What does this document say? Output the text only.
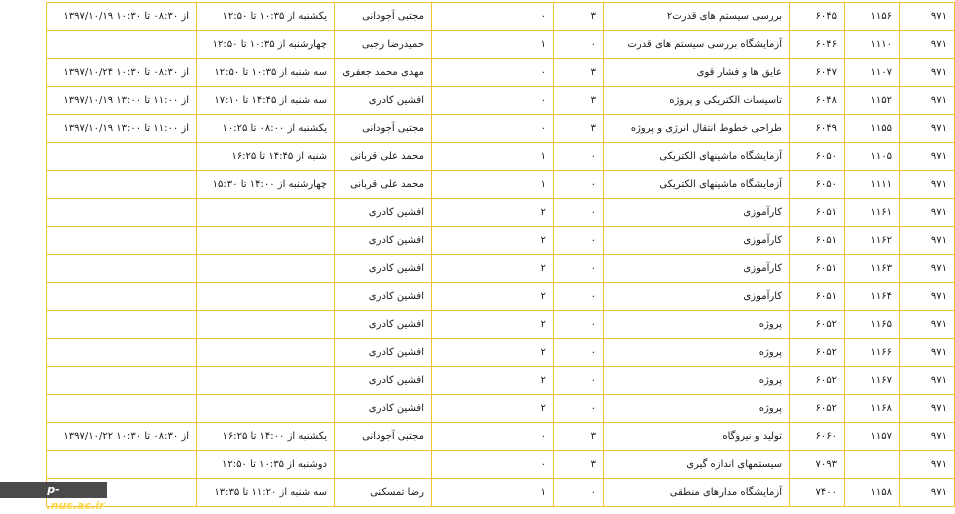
۹۷۱	۱۱۵۶	۶۰۴۵	بررسی سیستم های قدرت۲	۳	۰	مجتبی آجودانی	یکشنبه از ۱۰:۳۵ تا ۱۲:۵۰	از ۰۸:۳۰ تا ۱۰:۳۰ ۱۳۹۷/۱۰/۱۹
۹۷۱	۱۱۱۰	۶۰۴۶	آزمایشگاه بررسی سیستم های قدرت	۰	۱	حمیدرضا رجبی	چهارشنبه از ۱۰:۳۵ تا ۱۲:۵۰	
۹۷۱	۱۱۰۷	۶۰۴۷	عایق ها و فشار قوی	۳	۰	مهدی محمد جعفری	سه شنبه از ۱۰:۳۵ تا ۱۲:۵۰	از ۰۸:۳۰ تا ۱۰:۳۰ ۱۳۹۷/۱۰/۲۴
۹۷۱	۱۱۵۲	۶۰۴۸	تاسیسات الکتریکی و پروژه	۳	۰	افشین کادری	سه شنبه از ۱۴:۴۵ تا ۱۷:۱۰	از ۱۱:۰۰ تا ۱۳:۰۰ ۱۳۹۷/۱۰/۱۹
۹۷۱	۱۱۵۵	۶۰۴۹	طراحی خطوط انتقال انرژی و پروژه	۳	۰	مجتبی آجودانی	یکشنبه از ۰۸:۰۰ تا ۱۰:۲۵	از ۱۱:۰۰ تا ۱۳:۰۰ ۱۳۹۷/۱۰/۱۹
۹۷۱	۱۱۰۵	۶۰۵۰	آزمایشگاه ماشینهای الکتریکی	۰	۱	محمد علی قربانی	شنبه از ۱۴:۴۵ تا ۱۶:۲۵	
۹۷۱	۱۱۱۱	۶۰۵۰	آزمایشگاه ماشینهای الکتریکی	۰	۱	محمد علی قربانی	چهارشنبه از ۱۴:۰۰ تا ۱۵:۳۰	
۹۷۱	۱۱۶۱	۶۰۵۱	کارآموزی	۰	۲	افشین کادری		
۹۷۱	۱۱۶۲	۶۰۵۱	کارآموزی	۰	۲	افشین کادری		
۹۷۱	۱۱۶۳	۶۰۵۱	کارآموزی	۰	۲	افشین کادری		
۹۷۱	۱۱۶۴	۶۰۵۱	کارآموزی	۰	۲	افشین کادری		
۹۷۱	۱۱۶۵	۶۰۵۲	پروژه	۰	۲	افشین کادری		
۹۷۱	۱۱۶۶	۶۰۵۲	پروژه	۰	۲	افشین کادری		
۹۷۱	۱۱۶۷	۶۰۵۲	پروژه	۰	۲	افشین کادری		
۹۷۱	۱۱۶۸	۶۰۵۲	پروژه	۰	۲	افشین کادری		
۹۷۱	۱۱۵۷	۶۰۶۰	تولید و نیروگاه	۳	۰	مجتبی آجودانی	یکشنبه از ۱۴:۰۰ تا ۱۶:۲۵	از ۰۸:۳۰ تا ۱۰:۳۰ ۱۳۹۷/۱۰/۲۲
۹۷۱		۷۰۹۳	سیستمهای اندازه گیری	۳	۰		دوشنبه از ۱۰:۳۵ تا ۱۲:۵۰	
۹۷۱	۱۱۵۸	۷۴۰۰	آزمایشگاه مدارهای منطقی	۰	۱	رضا تمسکنی	سه شنبه از ۱۱:۲۰ تا ۱۳:۳۵	
p-gorgan.nus.ac.ir
